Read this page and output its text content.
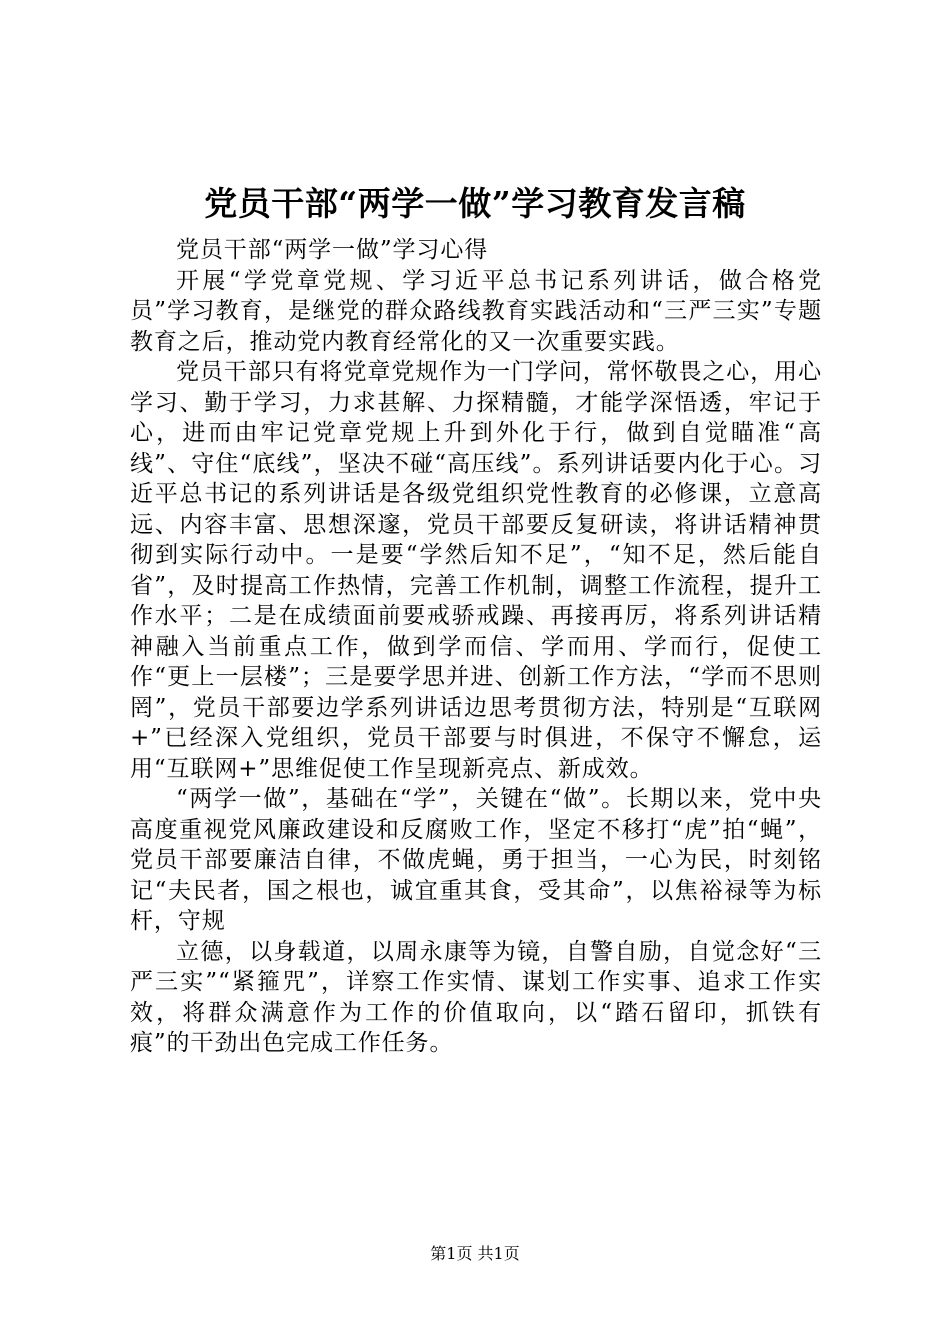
党员干部“两学一做”学习教育发言稿

党员干部“两学一做”学习心得

开展“学党章党规、学习近平总书记系列讲话，做合格党员”学习教育，是继党的群众路线教育实践活动和“三严三实”专题教育之后，推动党内教育经常化的又一次重要实践。

党员干部只有将党章党规作为一门学问，常怀敬畏之心，用心学习、勤于学习，力求甚解、力探精髓，才能学深悟透，牢记于心，进而由牢记党章党规上升到外化于行，做到自觉瞄准“高线”、守住“底线”，坚决不碰“高压线”。系列讲话要内化于心。习近平总书记的系列讲话是各级党组织党性教育的必修课，立意高远、内容丰富、思想深邃，党员干部要反复研读，将讲话精神贯彻到实际行动中。一是要“学然后知不足”，“知不足，然后能自省”，及时提高工作热情，完善工作机制，调整工作流程，提升工作水平；二是在成绩面前要戒骄戒躁、再接再厉，将系列讲话精神融入当前重点工作，做到学而信、学而用、学而行，促使工作“更上一层楼”；三是要学思并进、创新工作方法，“学而不思则罔”，党员干部要边学系列讲话边思考贯彻方法，特别是“互联网+”已经深入党组织，党员干部要与时俱进，不保守不懈怠，运用“互联网+”思维促使工作呈现新亮点、新成效。

“两学一做”，基础在“学”，关键在“做”。长期以来，党中央高度重视党风廉政建设和反腐败工作，坚定不移打“虎”拍“蝇”，党员干部要廉洁自律，不做虎蝇，勇于担当，一心为民，时刻铭记“夫民者，国之根也，诚宜重其食，受其命”，以焦裕禄等为标杆，守规

立德，以身载道，以周永康等为镜，自警自励，自觉念好“三严三实”“紧箍咒”，详察工作实情、谋划工作实事、追求工作实效，将群众满意作为工作的价值取向，以“踏石留印，抓铁有痕”的干劲出色完成工作任务。

第1页 共1页
